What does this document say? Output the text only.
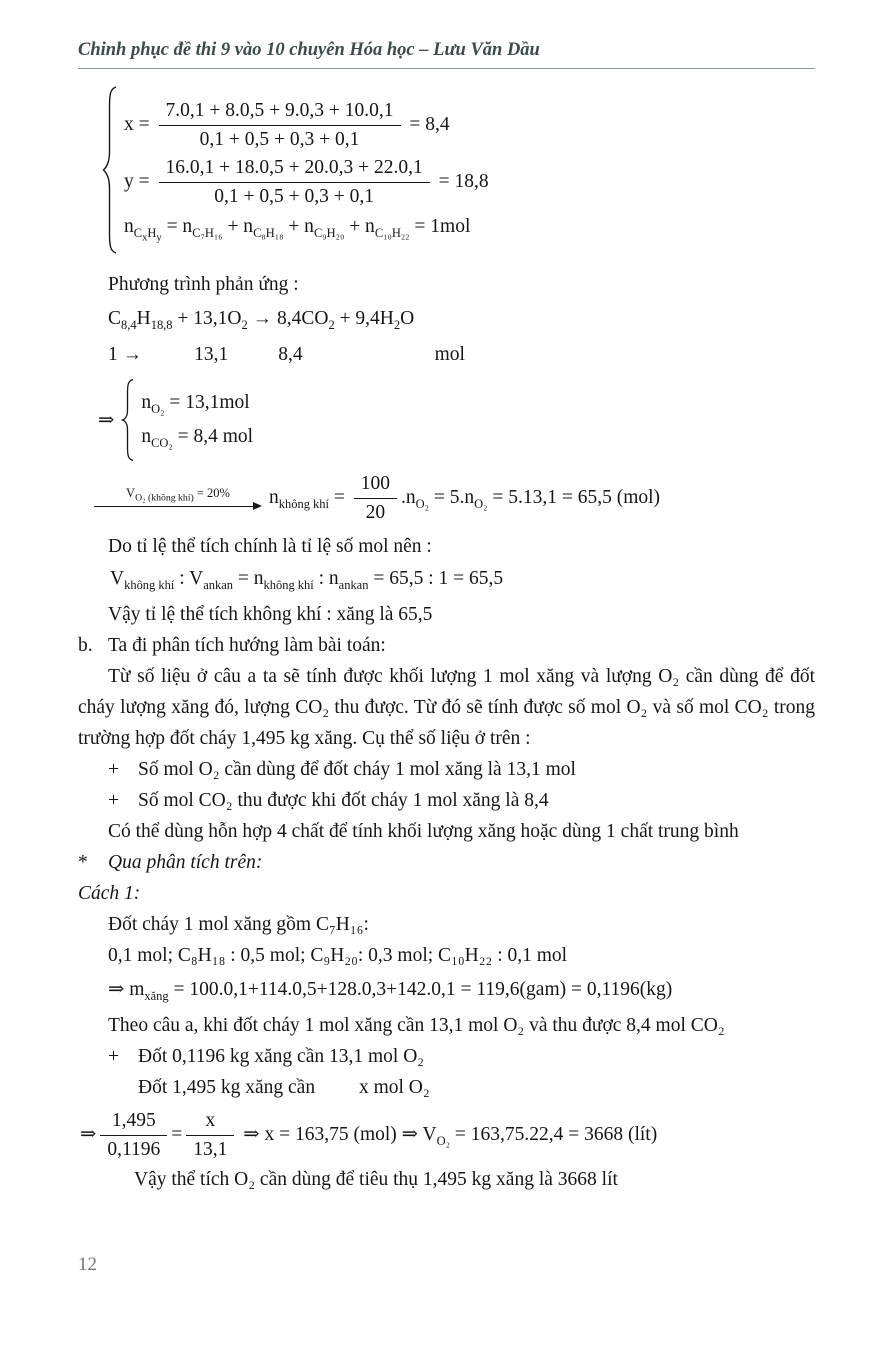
Chinh phục đề thi 9 vào 10 chuyên Hóa học – Lưu Văn Dầu
$x = \frac{7.0,1 + 8.0,5 + 9.0,3 + 10.0,1}{0,1 + 0,5 + 0,3 + 0,1} = 8,4$
$y = \frac{16.0,1 + 18.0,5 + 20.0,3 + 22.0,1}{0,1 + 0,5 + 0,3 + 0,1} = 18,8$
$n_{C_xH_y} = n_{C_7H_{16}} + n_{C_8H_{18}} + n_{C_9H_{20}} + n_{C_{10}H_{22}} = 1mol$

Phương trình phản ứng :

$C_{8,4}H_{18,8} + 13,1O_2 \to 8,4CO_2 + 9,4H_2O$
1 →	13,1	8,4	mol
⇒
$n_{O_2} = 13,1mol$
$n_{CO_2} = 8,4$ mol
$V_{O_2 (không khí)} = 20\%$ $n_{không khí} = \frac{100}{20} .n_{O_2} = 5.n_{O_2} = 5.13,1 = 65,5$ (mol)

Do tỉ lệ thể tích chính là tỉ lệ số mol nên :

$V_{không khí}$ : $V_{ankan} = n_{không khí}$ : $n_{ankan} = 65,5$ : 1 = 65,5

Vậy tỉ lệ thể tích không khí : xăng là 65,5

b. Ta đi phân tích hướng làm bài toán:

Từ số liệu ở câu a ta sẽ tính được khối lượng 1 mol xăng và lượng O₂ cần dùng để đốt cháy lượng xăng đó, lượng CO₂ thu được. Từ đó sẽ tính được số mol O₂ và số mol CO₂ trong trường hợp đốt cháy 1,495 kg xăng. Cụ thể số liệu ở trên :

+ Số mol O₂ cần dùng để đốt cháy 1 mol xăng là 13,1 mol

+ Số mol CO₂ thu được khi đốt cháy 1 mol xăng là 8,4

Có thể dùng hỗn hợp 4 chất để tính khối lượng xăng hoặc dùng 1 chất trung bình

* Qua phân tích trên:

Cách 1:

Đốt cháy 1 mol xăng gồm C₇H₁₆:

0,1 mol; C₈H₁₈ : 0,5 mol; C₉H₂₀: 0,3 mol; C₁₀H₂₂ : 0,1 mol

⇒ $m_{xăng} = 100.0,1+114.0,5+128.0,3+142.0,1 = 119,6(gam) = 0,1196(kg)$

Theo câu a, khi đốt cháy 1 mol xăng cần 13,1 mol O₂ và thu được 8,4 mol CO₂

+ Đốt 0,1196 kg xăng cần 13,1 mol O₂

Đốt 1,495 kg xăng cần         x mol O₂

⇒ $\frac{1,495}{0,1196} = \frac{x}{13,1}$ ⇒ x = 163,75 (mol) ⇒ $V_{O_2} = 163,75.22,4 = 3668$ (lít)

Vậy thể tích O₂ cần dùng để tiêu thụ 1,495 kg xăng là 3668 lít

12
